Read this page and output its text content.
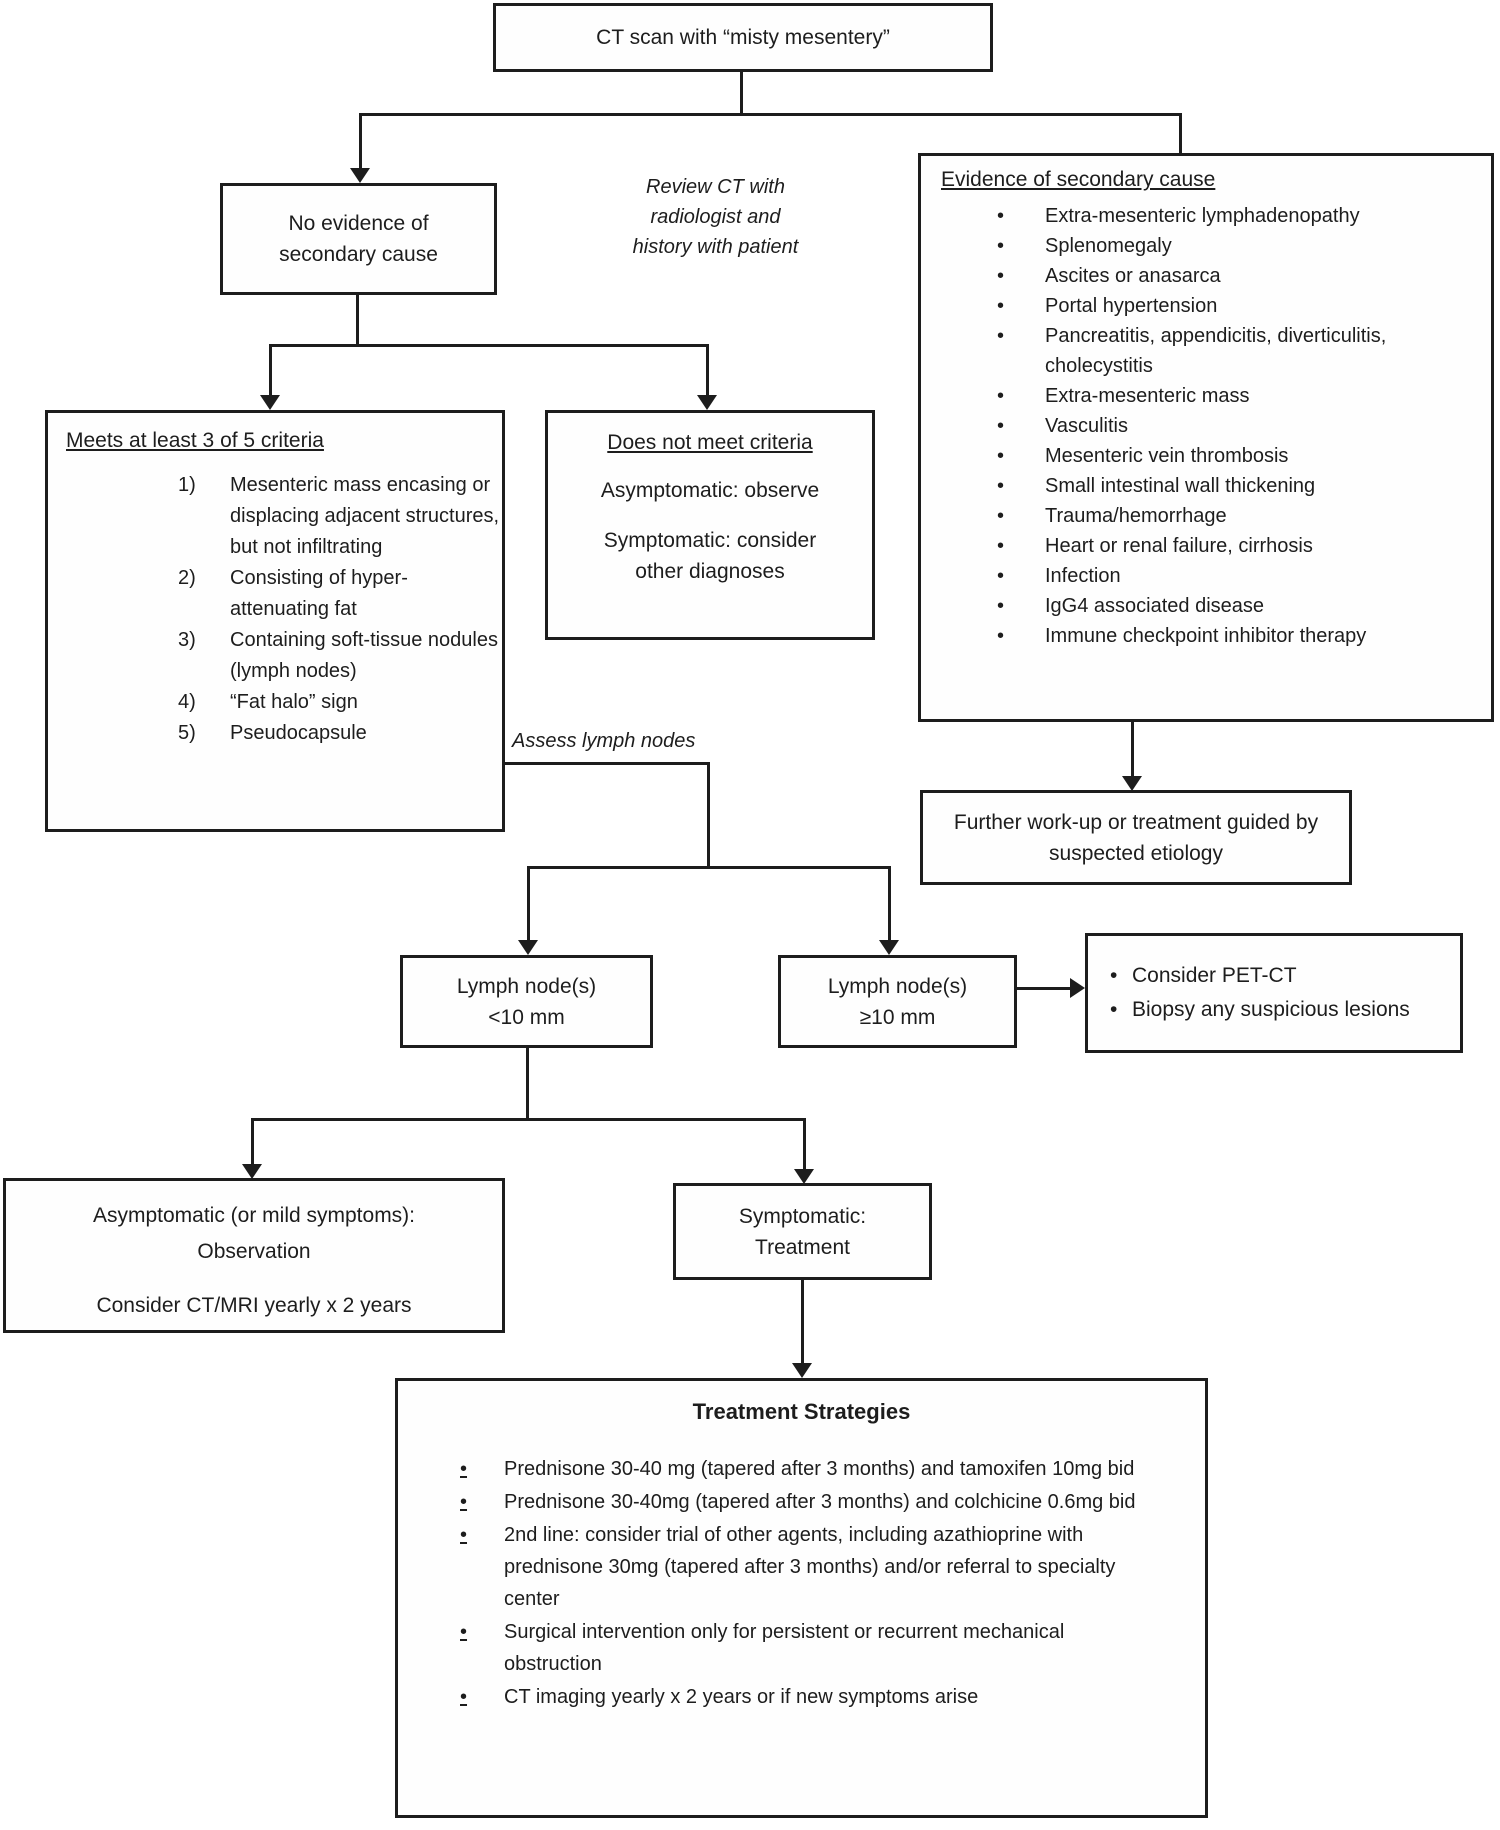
CT scan with “misty mesentery”
Review CT with
radiologist and
history with patient
No evidence of
secondary cause
Evidence of secondary cause
•
Extra-mesenteric lymphadenopathy
•
Splenomegaly
•
Ascites or anasarca
•
Portal hypertension
•
Pancreatitis, appendicitis, diverticulitis, cholecystitis
•
Extra-mesenteric mass
•
Vasculitis
•
Mesenteric vein thrombosis
•
Small intestinal wall thickening
•
Trauma/hemorrhage
•
Heart or renal failure, cirrhosis
•
Infection
•
IgG4 associated disease
•
Immune checkpoint inhibitor therapy
Further work-up or treatment guided by suspected etiology
Meets at least 3 of 5 criteria
1)	Mesenteric mass encasing or displacing adjacent structures, but not infiltrating
2)	Consisting of hyper-attenuating fat
3)	Containing soft-tissue nodules (lymph nodes)
4)	“Fat halo” sign
5)	Pseudocapsule
Does not meet criteria
Asymptomatic: observe
Symptomatic: consider other diagnoses
Assess lymph nodes
Lymph node(s)
<10 mm
Lymph node(s)
≥10 mm
•
Consider PET-CT
•
Biopsy any suspicious lesions
Asymptomatic (or mild symptoms):
Observation
Consider CT/MRI yearly x 2 years
Symptomatic:
Treatment
Treatment Strategies
•
Prednisone 30-40 mg (tapered after 3 months) and tamoxifen 10mg bid
•
Prednisone 30-40mg (tapered after 3 months) and colchicine 0.6mg bid
•
2nd line: consider trial of other agents, including azathioprine with prednisone 30mg (tapered after 3 months) and/or referral to specialty center
•
Surgical intervention only for persistent or recurrent mechanical obstruction
•
CT imaging yearly x 2 years or if new symptoms arise
